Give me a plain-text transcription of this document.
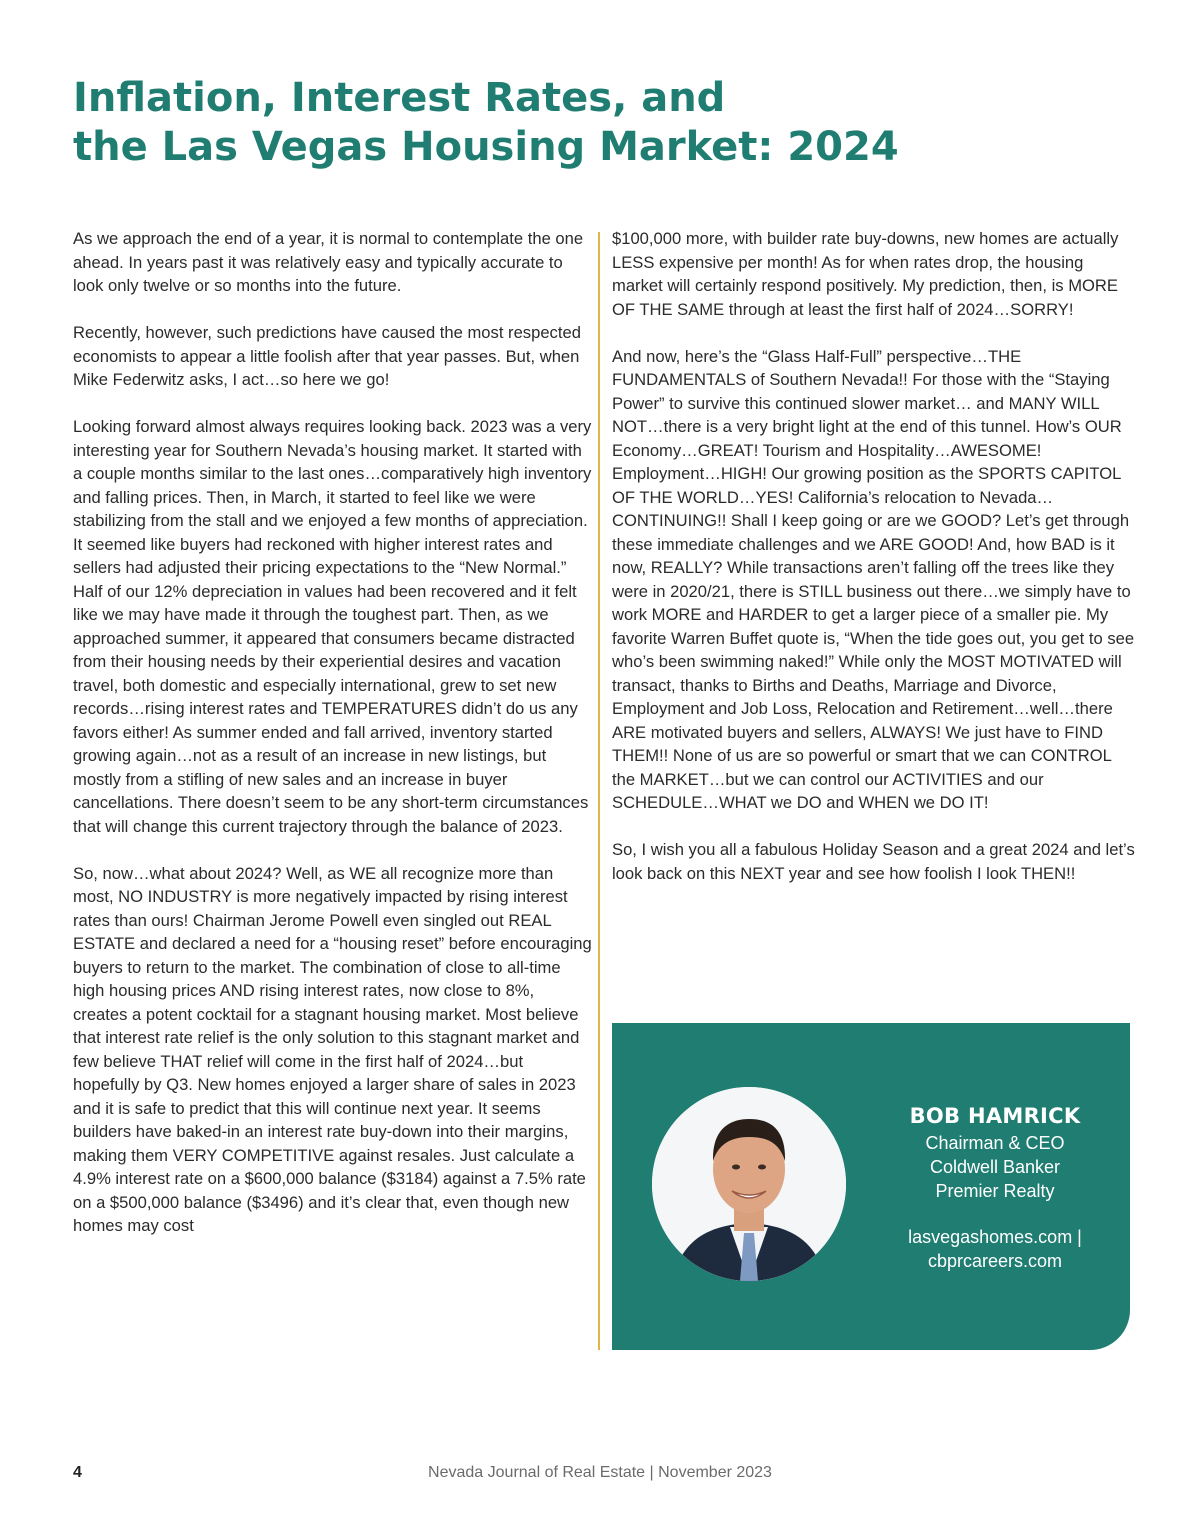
Inflation, Interest Rates, and
the Las Vegas Housing Market: 2024

As we approach the end of a year, it is normal to contemplate the one ahead. In years past it was relatively easy and typically accurate to look only twelve or so months into the future.

Recently, however, such predictions have caused the most respected economists to appear a little foolish after that year passes. But, when Mike Federwitz asks, I act…so here we go!

Looking forward almost always requires looking back. 2023 was a very interesting year for Southern Nevada’s housing market. It started with a couple months similar to the last ones…comparatively high inventory and falling prices. Then, in March, it started to feel like we were stabilizing from the stall and we enjoyed a few months of appreciation. It seemed like buyers had reckoned with higher interest rates and sellers had adjusted their pricing expectations to the “New Normal.” Half of our 12% depreciation in values had been recovered and it felt like we may have made it through the toughest part. Then, as we approached summer, it appeared that consumers became distracted from their housing needs by their experiential desires and vacation travel, both domestic and especially international, grew to set new records…rising interest rates and TEMPERATURES didn’t do us any favors either! As summer ended and fall arrived, inventory started growing again…not as a result of an increase in new listings, but mostly from a stifling of new sales and an increase in buyer cancellations. There doesn’t seem to be any short-term circumstances that will change this current trajectory through the balance of 2023.

So, now…what about 2024? Well, as WE all recognize more than most, NO INDUSTRY is more negatively impacted by rising interest rates than ours! Chairman Jerome Powell even singled out REAL ESTATE and declared a need for a “housing reset” before encouraging buyers to return to the market. The combination of close to all-time high housing prices AND rising interest rates, now close to 8%, creates a potent cocktail for a stagnant housing market. Most believe that interest rate relief is the only solution to this stagnant market and few believe THAT relief will come in the first half of 2024…but hopefully by Q3. New homes enjoyed a larger share of sales in 2023 and it is safe to predict that this will continue next year. It seems builders have baked-in an interest rate buy-down into their margins, making them VERY COMPETITIVE against resales. Just calculate a 4.9% interest rate on a $600,000 balance ($3184) against a 7.5% rate on a $500,000 balance ($3496) and it’s clear that, even though new homes may cost

$100,000 more, with builder rate buy-downs, new homes are actually LESS expensive per month! As for when rates drop, the housing market will certainly respond positively. My prediction, then, is MORE OF THE SAME through at least the first half of 2024…SORRY!

And now, here’s the “Glass Half-Full” perspective…THE FUNDAMENTALS of Southern Nevada!! For those with the “Staying Power” to survive this continued slower market… and MANY WILL NOT…there is a very bright light at the end of this tunnel. How’s OUR Economy…GREAT! Tourism and Hospitality…AWESOME! Employment…HIGH! Our growing position as the SPORTS CAPITOL OF THE WORLD…YES! California’s relocation to Nevada…CONTINUING!! Shall I keep going or are we GOOD? Let’s get through these immediate challenges and we ARE GOOD! And, how BAD is it now, REALLY? While transactions aren’t falling off the trees like they were in 2020/21, there is STILL business out there…we simply have to work MORE and HARDER to get a larger piece of a smaller pie. My favorite Warren Buffet quote is, “When the tide goes out, you get to see who’s been swimming naked!” While only the MOST MOTIVATED will transact, thanks to Births and Deaths, Marriage and Divorce, Employment and Job Loss, Relocation and Retirement…well…there ARE motivated buyers and sellers, ALWAYS! We just have to FIND THEM!! None of us are so powerful or smart that we can CONTROL the MARKET…but we can control our ACTIVITIES and our SCHEDULE…WHAT we DO and WHEN we DO IT!

So, I wish you all a fabulous Holiday Season and a great 2024 and let’s look back on this NEXT year and see how foolish I look THEN!!

BOB HAMRICK
Chairman & CEO
Coldwell Banker
Premier Realty
lasvegashomes.com |
cbprcareers.com
4	Nevada Journal of Real Estate | November 2023
